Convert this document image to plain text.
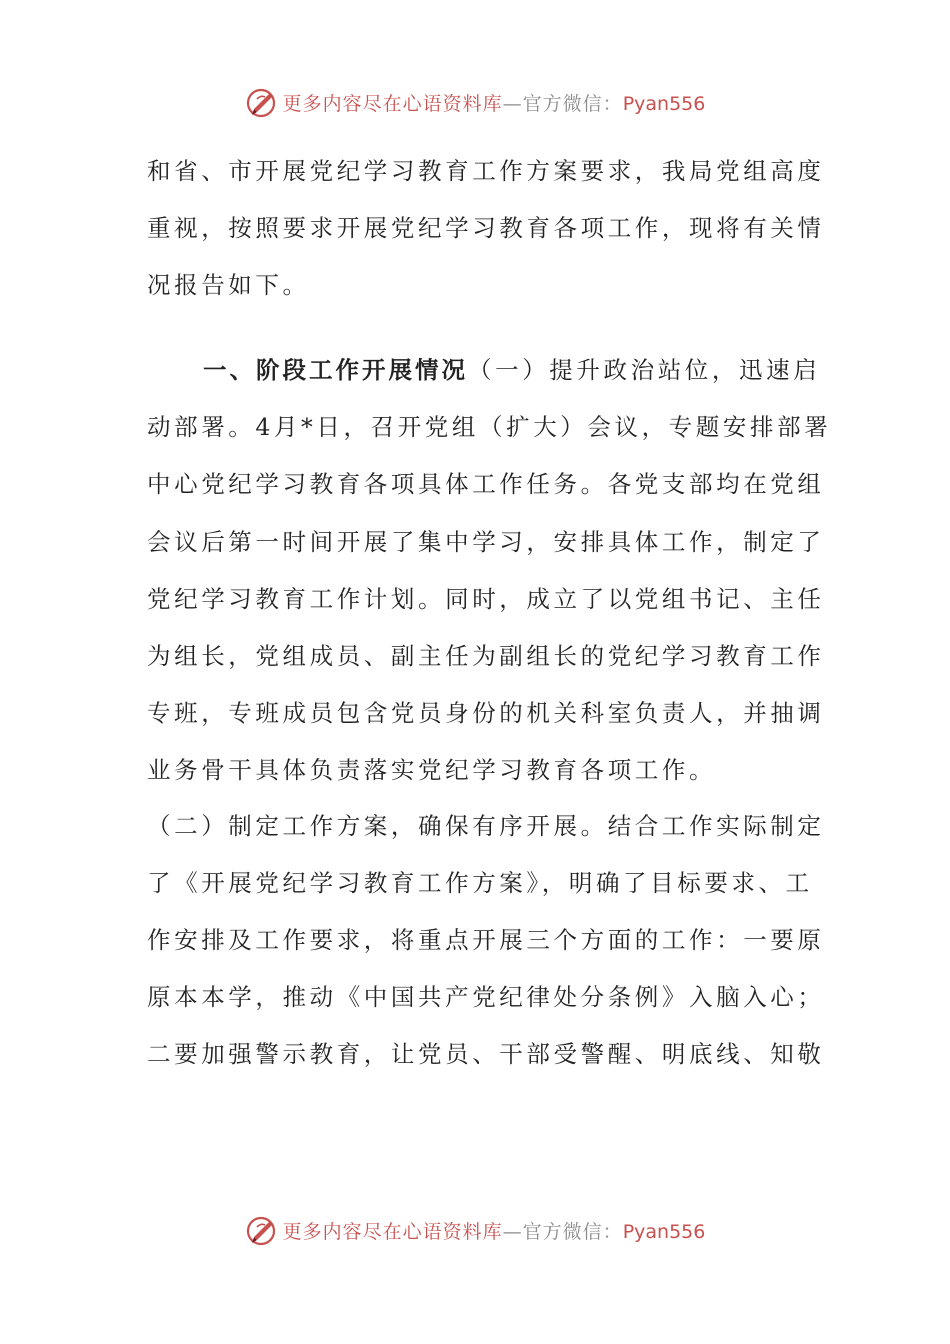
更多内容尽在心语资料库—官方微信：Pyan556
和省、市开展党纪学习教育工作方案要求，我局党组高度
重视，按照要求开展党纪学习教育各项工作，现将有关情
况报告如下。
一、阶段工作开展情况（一）提升政治站位，迅速启
动部署。4月*日，召开党组（扩大）会议，专题安排部署
中心党纪学习教育各项具体工作任务。各党支部均在党组
会议后第一时间开展了集中学习，安排具体工作，制定了
党纪学习教育工作计划。同时，成立了以党组书记、主任
为组长，党组成员、副主任为副组长的党纪学习教育工作
专班，专班成员包含党员身份的机关科室负责人，并抽调
业务骨干具体负责落实党纪学习教育各项工作。
（二）制定工作方案，确保有序开展。结合工作实际制定
了《开展党纪学习教育工作方案》，明确了目标要求、工
作安排及工作要求，将重点开展三个方面的工作：一要原
原本本学，推动《中国共产党纪律处分条例》入脑入心；
二要加强警示教育，让党员、干部受警醒、明底线、知敬
更多内容尽在心语资料库—官方微信：Pyan556
